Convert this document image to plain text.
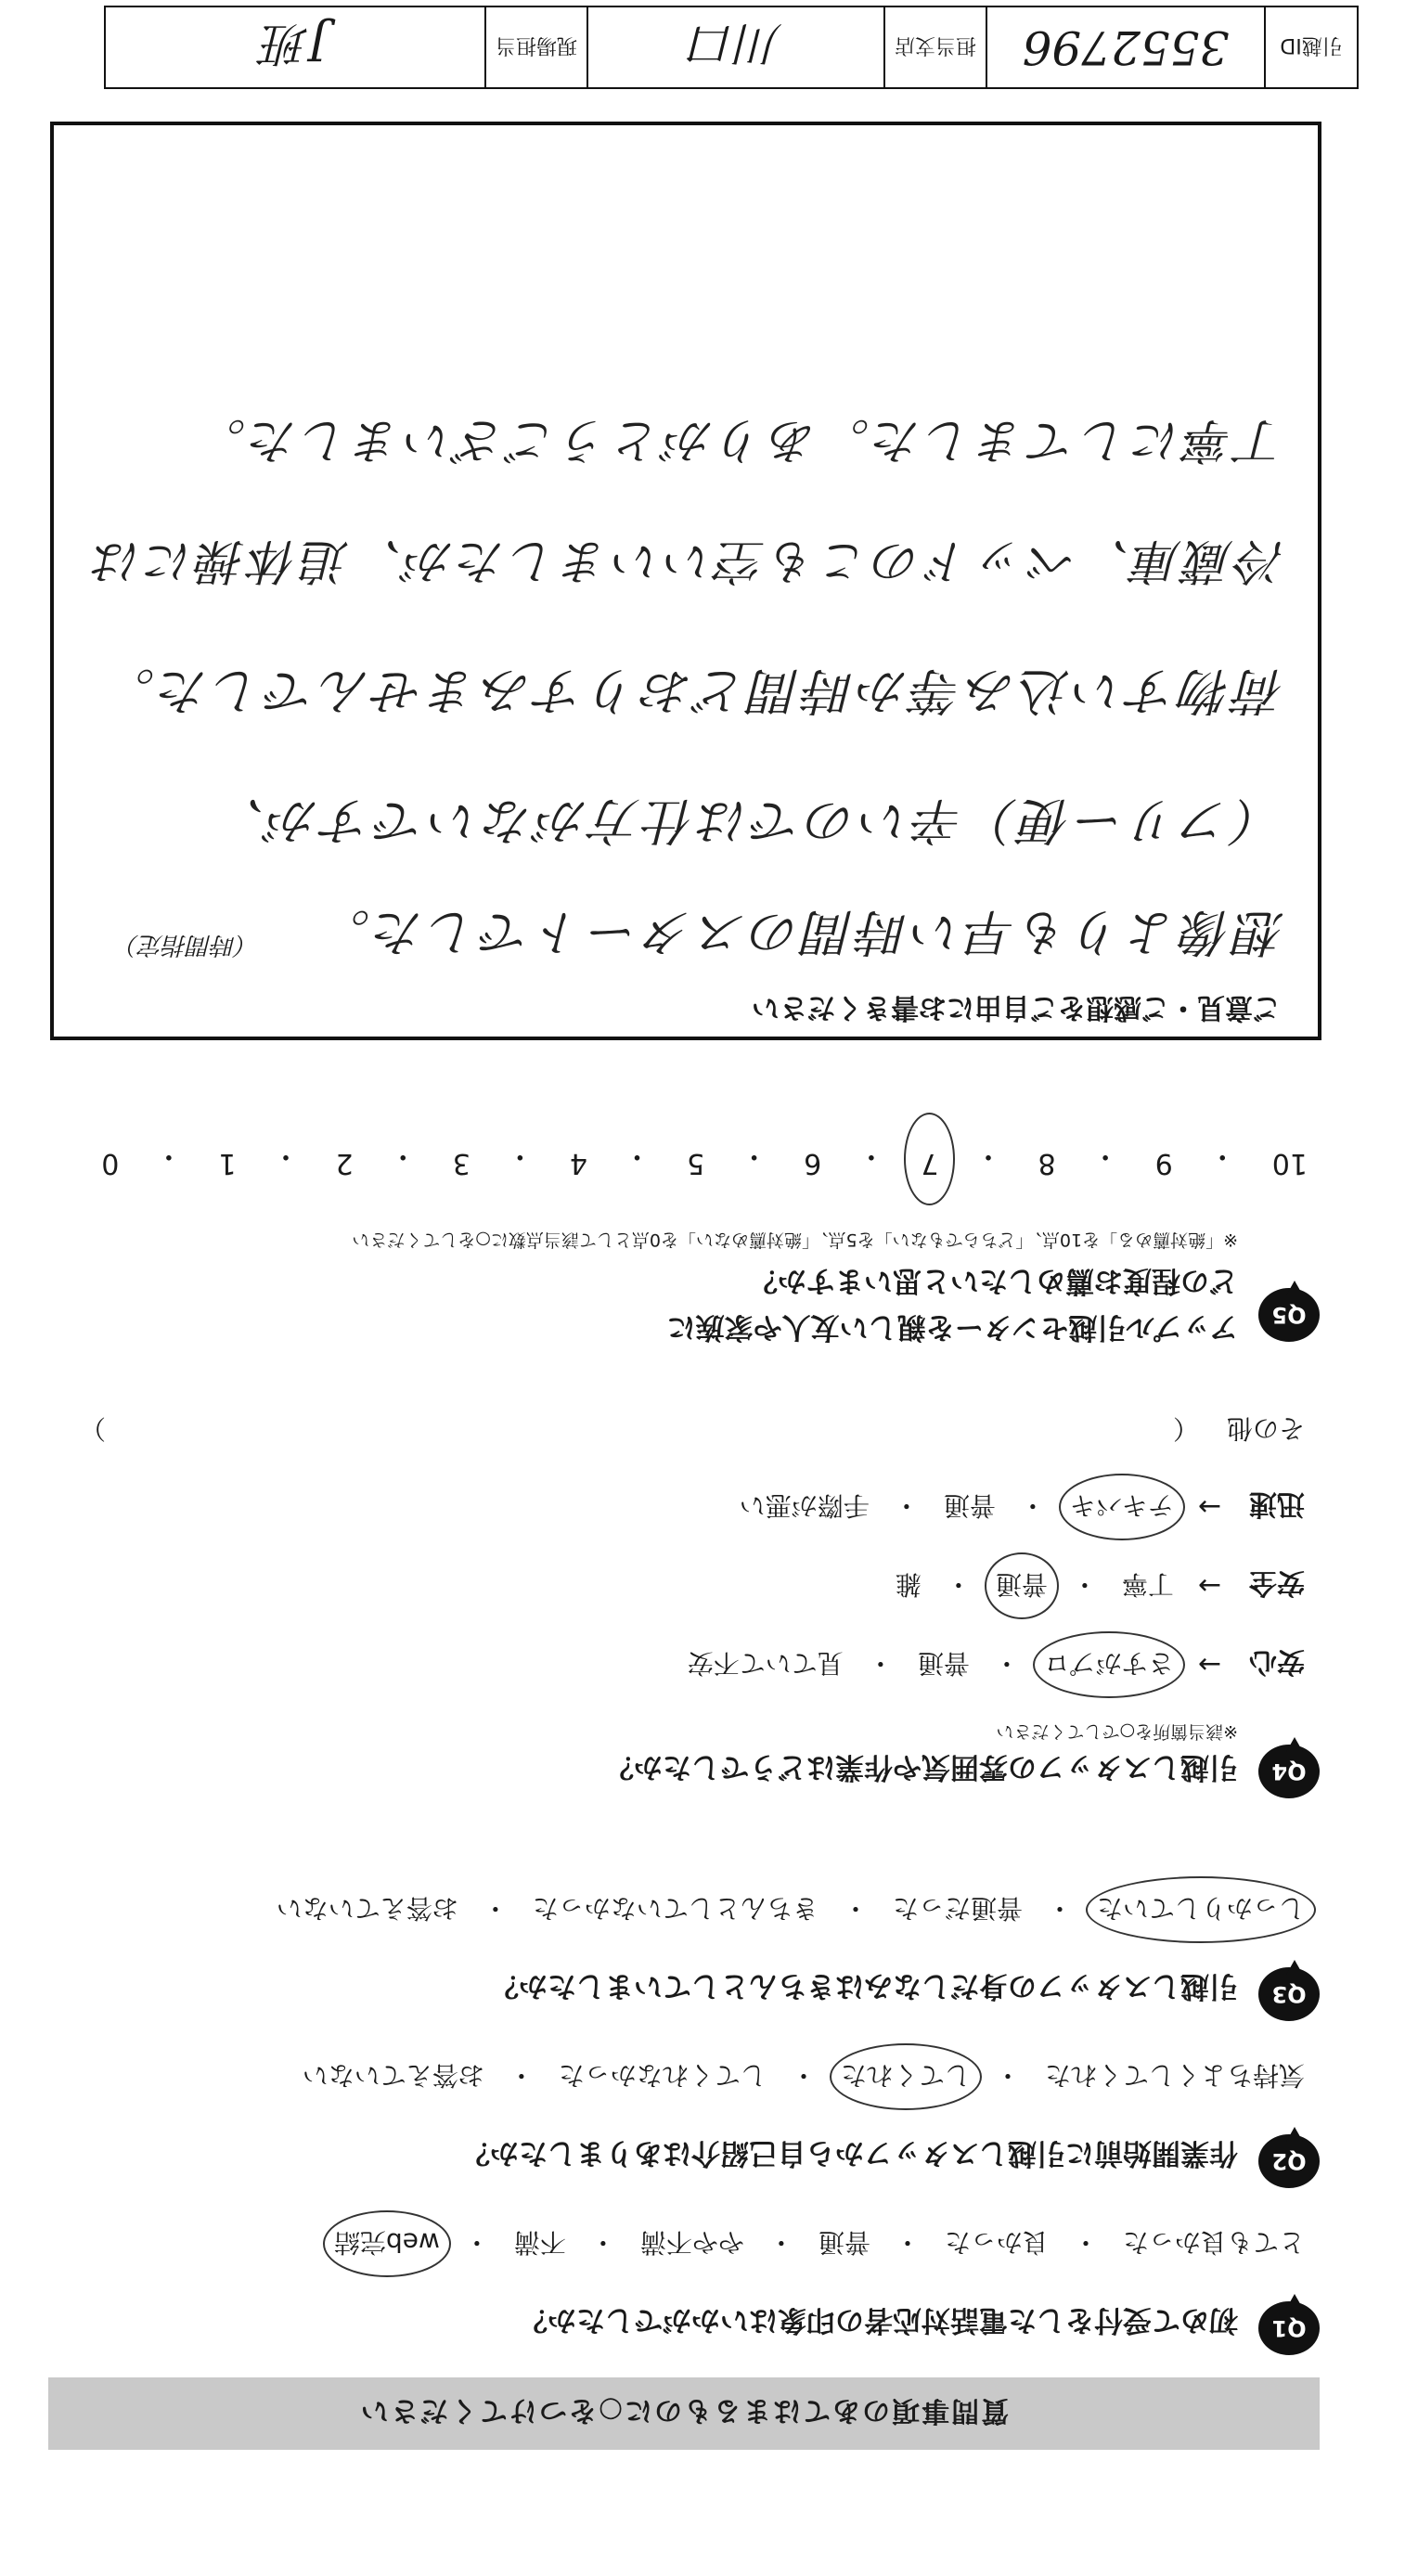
質問事項のあてはまるものに○をつけてください
Q1
初めて受付をした電話対応者の印象はいかがでしたか？
とても良かった
・
良かった
・
普通
・
やや不満
・
不満
・
web完結
Q2
作業開始前に引越しスタッフから自己紹介はありましたか？
気持ちよくしてくれた
・
してくれた
・
してくれなかった
・
お答えていない
Q3
引越しスタッフの身だしなみはきちんとしていましたか？
しっかりしていた
・
普通だった
・
きちんとしていなかった
・
お答えていない
Q4
引越しスタッフの雰囲気や作業はどうでしたか？
※該当箇所を○でしてください
安心
→
さすがプロ
・
普通
・
見ていて不安
安全
→
丁寧
・
普通
・
雑
迅速
→
テキパキ
・
普通
・
手際が悪い
その他
（
）
Q5
アップル引越センターを親しい友人や家族に
どの程度お薦めしたいと思いますか？
※「絶対薦める」を10点、「どちらでもない」を5点、「絶対薦めない」を0点として該当点数に○をしてください
10
・
9
・
8
・
7
・
6
・
5
・
4
・
3
・
2
・
1
・
0
ご意見・ご感想をご自由にお書きください
想像よりも早い時間のスタートでした。
（時間指定）
（フリー便）辛いのでは仕方がないですが、
荷物すい込み等か時間どおりすみませんでした。
冷蔵庫、ベッドのこも空いいましたが、追体操には
丁寧にしてました。ありがとうございました。
引越ID
3552796
担当支店
川口
現場担当
J班
